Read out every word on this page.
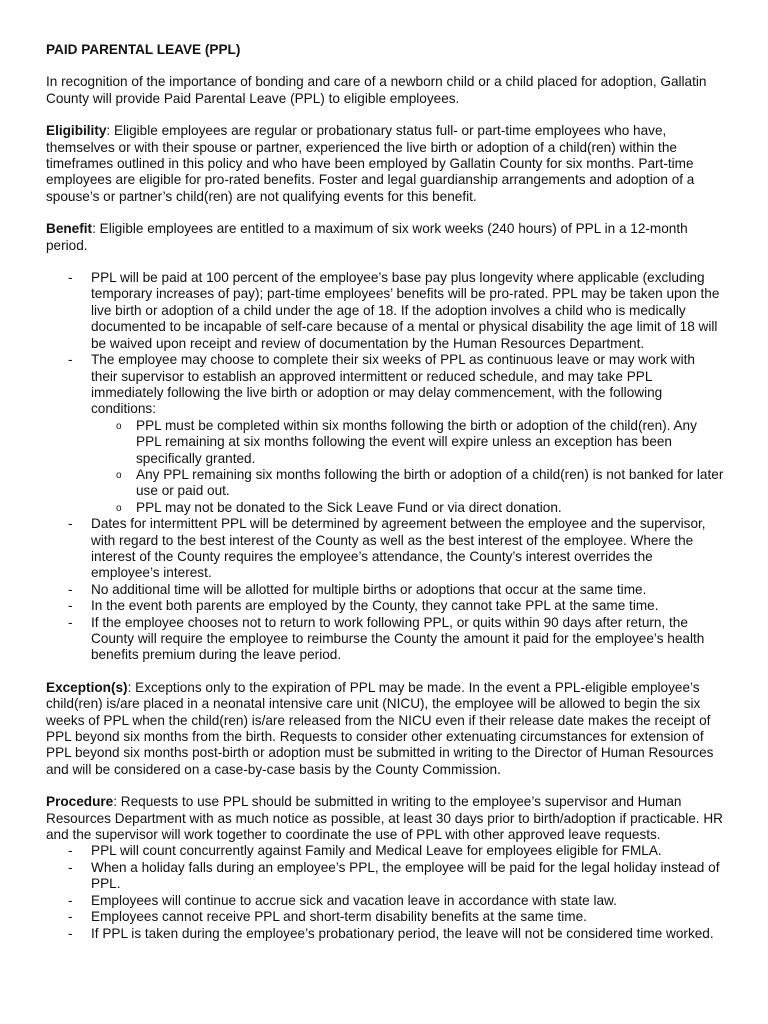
PAID PARENTAL LEAVE (PPL)

In recognition of the importance of bonding and care of a newborn child or a child placed for adoption, Gallatin County will provide Paid Parental Leave (PPL) to eligible employees.

Eligibility: Eligible employees are regular or probationary status full- or part-time employees who have, themselves or with their spouse or partner, experienced the live birth or adoption of a child(ren) within the timeframes outlined in this policy and who have been employed by Gallatin County for six months. Part-time employees are eligible for pro-rated benefits. Foster and legal guardianship arrangements and adoption of a spouse’s or partner’s child(ren) are not qualifying events for this benefit.

Benefit: Eligible employees are entitled to a maximum of six work weeks (240 hours) of PPL in a 12-month period.

- PPL will be paid at 100 percent of the employee’s base pay plus longevity where applicable (excluding temporary increases of pay); part-time employees’ benefits will be pro-rated. PPL may be taken upon the live birth or adoption of a child under the age of 18. If the adoption involves a child who is medically documented to be incapable of self-care because of a mental or physical disability the age limit of 18 will be waived upon receipt and review of documentation by the Human Resources Department.
- The employee may choose to complete their six weeks of PPL as continuous leave or may work with their supervisor to establish an approved intermittent or reduced schedule, and may take PPL immediately following the live birth or adoption or may delay commencement, with the following conditions:
o PPL must be completed within six months following the birth or adoption of the child(ren). Any PPL remaining at six months following the event will expire unless an exception has been specifically granted.
o Any PPL remaining six months following the birth or adoption of a child(ren) is not banked for later use or paid out.
o PPL may not be donated to the Sick Leave Fund or via direct donation.
- Dates for intermittent PPL will be determined by agreement between the employee and the supervisor, with regard to the best interest of the County as well as the best interest of the employee. Where the interest of the County requires the employee’s attendance, the County’s interest overrides the employee’s interest.
- No additional time will be allotted for multiple births or adoptions that occur at the same time.
- In the event both parents are employed by the County, they cannot take PPL at the same time.
- If the employee chooses not to return to work following PPL, or quits within 90 days after return, the County will require the employee to reimburse the County the amount it paid for the employee’s health benefits premium during the leave period.

Exception(s): Exceptions only to the expiration of PPL may be made. In the event a PPL-eligible employee’s child(ren) is/are placed in a neonatal intensive care unit (NICU), the employee will be allowed to begin the six weeks of PPL when the child(ren) is/are released from the NICU even if their release date makes the receipt of PPL beyond six months from the birth. Requests to consider other extenuating circumstances for extension of PPL beyond six months post-birth or adoption must be submitted in writing to the Director of Human Resources and will be considered on a case-by-case basis by the County Commission.

Procedure: Requests to use PPL should be submitted in writing to the employee’s supervisor and Human Resources Department with as much notice as possible, at least 30 days prior to birth/adoption if practicable. HR and the supervisor will work together to coordinate the use of PPL with other approved leave requests.

- PPL will count concurrently against Family and Medical Leave for employees eligible for FMLA.
- When a holiday falls during an employee’s PPL, the employee will be paid for the legal holiday instead of PPL.
- Employees will continue to accrue sick and vacation leave in accordance with state law.
- Employees cannot receive PPL and short-term disability benefits at the same time.
- If PPL is taken during the employee’s probationary period, the leave will not be considered time worked.
